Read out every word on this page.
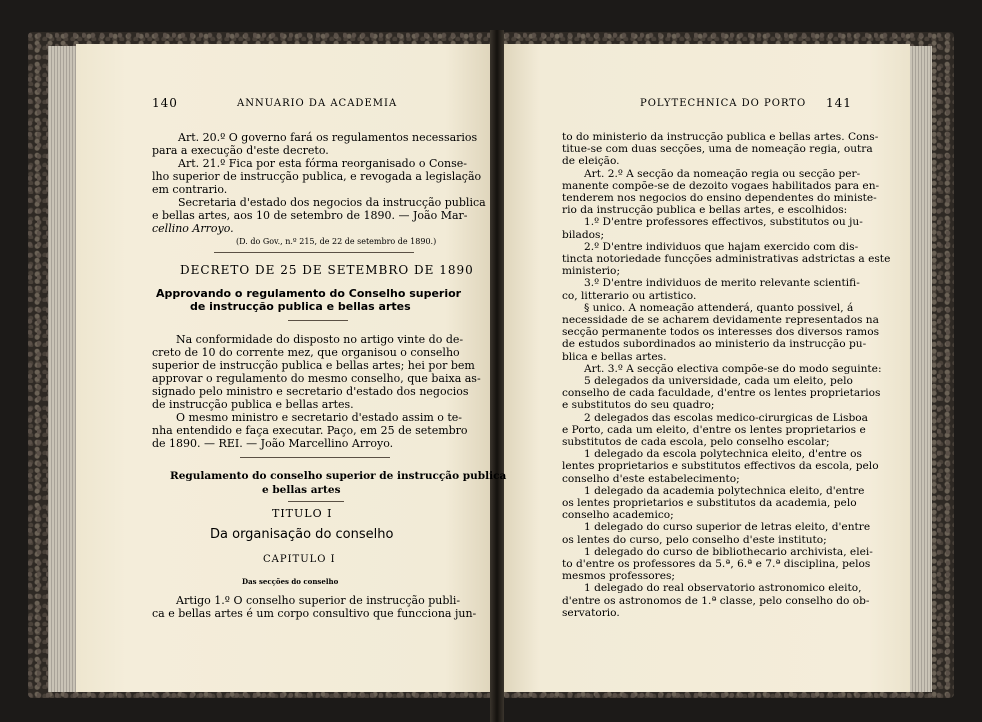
140	ANNUARIO DA ACADEMIA
Art. 20.º O governo fará os regulamentos necessarios
para a execução d'este decreto.
Art. 21.º Fica por esta fórma reorganisado o Conse-
lho superior de instrucção publica, e revogada a legislação
em contrario.
Secretaria d'estado dos negocios da instrucção publica
e bellas artes, aos 10 de setembro de 1890. — João Mar-
cellino Arroyo.
(D. do Gov., n.º 215, de 22 de setembro de 1890.)
DECRETO DE 25 DE SETEMBRO DE 1890
Approvando o regulamento do Conselho superior
de instrucção publica e bellas artes
Na conformidade do disposto no artigo vinte do de-
creto de 10 do corrente mez, que organisou o conselho
superior de instrucção publica e bellas artes; hei por bem
approvar o regulamento do mesmo conselho, que baixa as-
signado pelo ministro e secretario d'estado dos negocios
de instrucção publica e bellas artes.
O mesmo ministro e secretario d'estado assim o te-
nha entendido e faça executar. Paço, em 25 de setembro
de 1890. — REI. — João Marcellino Arroyo.
Regulamento do conselho superior de instrucção publica
e bellas artes
TITULO I
Da organisação do conselho
CAPITULO I
Das secções do conselho
Artigo 1.º O conselho superior de instrucção publi-
ca e bellas artes é um corpo consultivo que funcciona jun-
POLYTECHNICA DO PORTO 141
to do ministerio da instrucção publica e bellas artes. Cons-
titue-se com duas secções, uma de nomeação regia, outra
de eleição.
Art. 2.º A secção da nomeação regia ou secção per-
manente compõe-se de dezoito vogaes habilitados para en-
tenderem nos negocios do ensino dependentes do ministe-
rio da instrucção publica e bellas artes, e escolhidos:
1.º D'entre professores effectivos, substitutos ou ju-
bilados;
2.º D'entre individuos que hajam exercido com dis-
tincta notoriedade funcções administrativas adstrictas a este
ministerio;
3.º D'entre individuos de merito relevante scientifi-
co, litterario ou artistico.
§ unico. A nomeação attenderá, quanto possivel, á
necessidade de se acharem devidamente representados na
secção permanente todos os interesses dos diversos ramos
de estudos subordinados ao ministerio da instrucção pu-
blica e bellas artes.
Art. 3.º A secção electiva compõe-se do modo seguinte:
5 delegados da universidade, cada um eleito, pelo
conselho de cada faculdade, d'entre os lentes proprietarios
e substitutos do seu quadro;
2 delegados das escolas medico-cirurgicas de Lisboa
e Porto, cada um eleito, d'entre os lentes proprietarios e
substitutos de cada escola, pelo conselho escolar;
1 delegado da escola polytechnica eleito, d'entre os
lentes proprietarios e substitutos effectivos da escola, pelo
conselho d'este estabelecimento;
1 delegado da academia polytechnica eleito, d'entre
os lentes proprietarios e substitutos da academia, pelo
conselho academico;
1 delegado do curso superior de letras eleito, d'entre
os lentes do curso, pelo conselho d'este instituto;
1 delegado do curso de bibliothecario archivista, elei-
to d'entre os professores da 5.ª, 6.ª e 7.ª disciplina, pelos
mesmos professores;
1 delegado do real observatorio astronomico eleito,
d'entre os astronomos de 1.ª classe, pelo conselho do ob-
servatorio.
